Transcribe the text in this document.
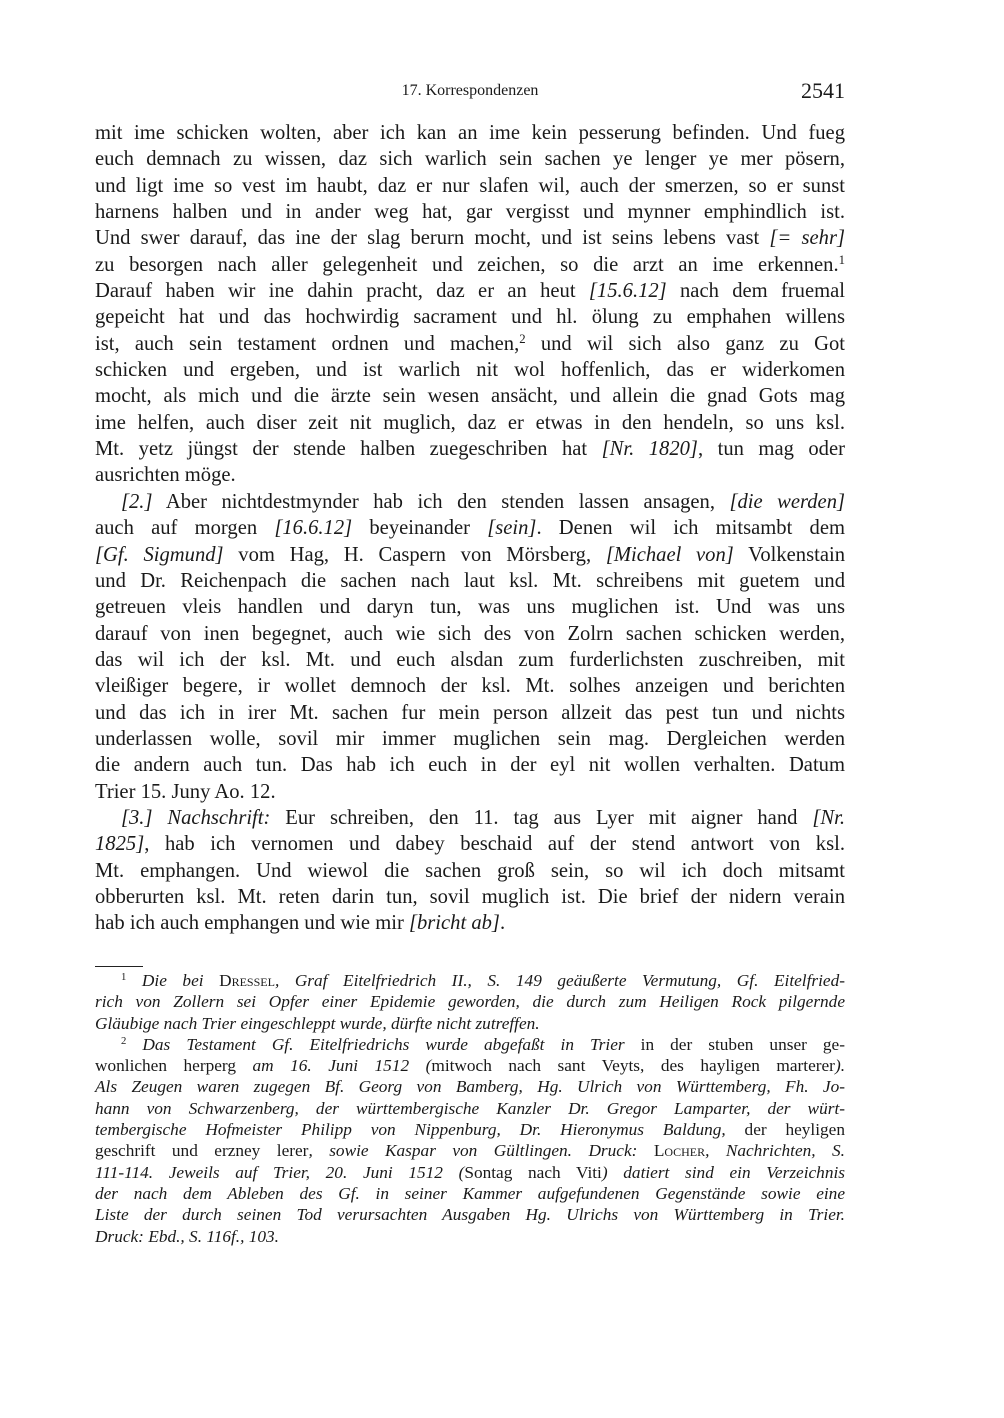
17. Korrespondenzen	2541
mit ime schicken wolten, aber ich kan an ime kein pesserung befinden. Und fueg
euch demnach zu wissen, daz sich warlich sein sachen ye lenger ye mer pösern,
und ligt ime so vest im haubt, daz er nur slafen wil, auch der smerzen, so er sunst
harnens halben und in ander weg hat, gar vergisst und mynner emphindlich ist.
Und swer darauf, das ine der slag berurn mocht, und ist seins lebens vast [= sehr]
zu besorgen nach aller gelegenheit und zeichen, so die arzt an ime erkennen.$^1$
Darauf haben wir ine dahin pracht, daz er an heut [15.6.12] nach dem fruemal
gepeicht hat und das hochwirdig sacrament und hl. ölung zu emphahen willens
ist, auch sein testament ordnen und machen,$^2$ und wil sich also ganz zu Got
schicken und ergeben, und ist warlich nit wol hoffenlich, das er widerkomen
mocht, als mich und die ärzte sein wesen ansächt, und allein die gnad Gots mag
ime helfen, auch diser zeit nit muglich, daz er etwas in den hendeln, so uns ksl.
Mt. yetz jüngst der stende halben zuegeschriben hat [Nr. 1820], tun mag oder
ausrichten möge.
[2.] Aber nichtdestmynder hab ich den stenden lassen ansagen, [die werden]
auch auf morgen [16.6.12] beyeinander [sein]. Denen wil ich mitsambt dem
[Gf. Sigmund] vom Hag, H. Caspern von Mörsberg, [Michael von] Volkenstain
und Dr. Reichenpach die sachen nach laut ksl. Mt. schreibens mit guetem und
getreuen vleis handlen und daryn tun, was uns muglichen ist. Und was uns
darauf von inen begegnet, auch wie sich des von Zolrn sachen schicken werden,
das wil ich der ksl. Mt. und euch alsdan zum furderlichsten zuschreiben, mit
vleißiger begere, ir wollet demnoch der ksl. Mt. solhes anzeigen und berichten
und das ich in irer Mt. sachen fur mein person allzeit das pest tun und nichts
underlassen wolle, sovil mir immer muglichen sein mag. Dergleichen werden
die andern auch tun. Das hab ich euch in der eyl nit wollen verhalten. Datum
Trier 15. Juny Ao. 12.
[3.] Nachschrift: Eur schreiben, den 11. tag aus Lyer mit aigner hand [Nr.
1825], hab ich vernomen und dabey beschaid auf der stend antwort von ksl.
Mt. emphangen. Und wiewol die sachen groß sein, so wil ich doch mitsamt
obberurten ksl. Mt. reten darin tun, sovil muglich ist. Die brief der nidern verain
hab ich auch emphangen und wie mir [bricht ab].
$^1$ Die bei Dressel, Graf Eitelfriedrich II., S. 149 geäußerte Vermutung, Gf. Eitelfried-
rich von Zollern sei Opfer einer Epidemie geworden, die durch zum Heiligen Rock pilgernde
Gläubige nach Trier eingeschleppt wurde, dürfte nicht zutreffen.
$^2$ Das Testament Gf. Eitelfriedrichs wurde abgefaßt in Trier in der stuben unser ge-
wonlichen herperg am 16. Juni 1512 (mitwoch nach sant Veyts, des hayligen marterer).
Als Zeugen waren zugegen Bf. Georg von Bamberg, Hg. Ulrich von Württemberg, Fh. Jo-
hann von Schwarzenberg, der württembergische Kanzler Dr. Gregor Lamparter, der würt-
tembergische Hofmeister Philipp von Nippenburg, Dr. Hieronymus Baldung, der heyligen
geschrift und erzney lerer, sowie Kaspar von Gültlingen. Druck: Locher, Nachrichten, S.
111-114. Jeweils auf Trier, 20. Juni 1512 (Sontag nach Viti) datiert sind ein Verzeichnis
der nach dem Ableben des Gf. in seiner Kammer aufgefundenen Gegenstände sowie eine
Liste der durch seinen Tod verursachten Ausgaben Hg. Ulrichs von Württemberg in Trier.
Druck: Ebd., S. 116f., 103.
